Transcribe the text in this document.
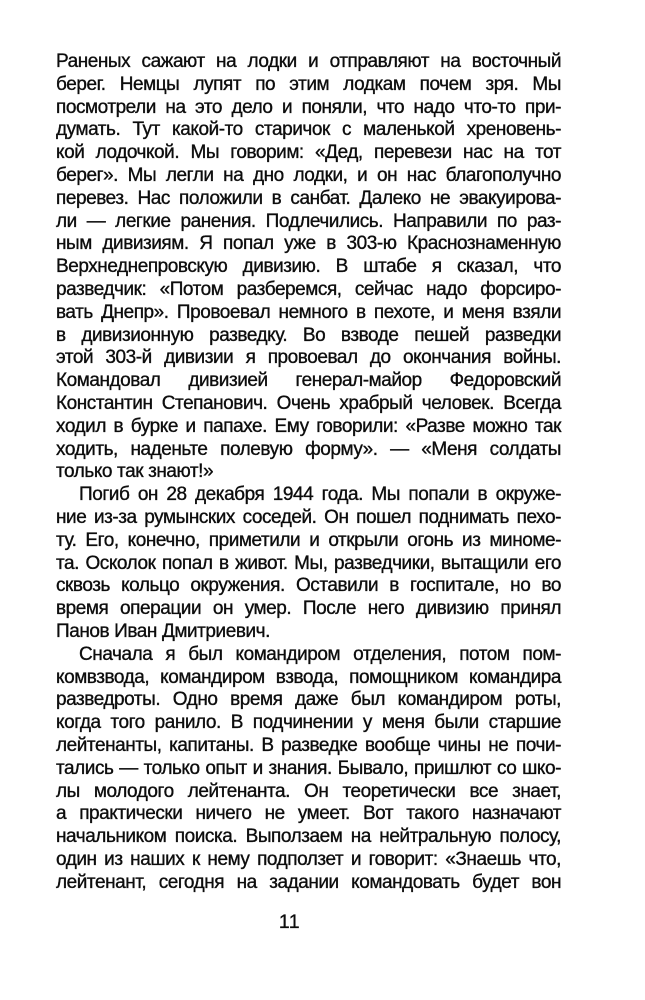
Раненых сажают на лодки и отправляют на восточный
берег. Немцы лупят по этим лодкам почем зря. Мы
посмотрели на это дело и поняли, что надо что-то при-
думать. Тут какой-то старичок с маленькой хреновень-
кой лодочкой. Мы говорим: «Дед, перевези нас на тот
берег». Мы легли на дно лодки, и он нас благополучно
перевез. Нас положили в санбат. Далеко не эвакуирова-
ли — легкие ранения. Подлечились. Направили по раз-
ным дивизиям. Я попал уже в 303-ю Краснознаменную
Верхнеднепровскую дивизию. В штабе я сказал, что
разведчик: «Потом разберемся, сейчас надо форсиро-
вать Днепр». Провоевал немного в пехоте, и меня взяли
в дивизионную разведку. Во взводе пешей разведки
этой 303-й дивизии я провоевал до окончания войны.
Командовал дивизией генерал-майор Федоровский
Константин Степанович. Очень храбрый человек. Всегда
ходил в бурке и папахе. Ему говорили: «Разве можно так
ходить, наденьте полевую форму». — «Меня солдаты
только так знают!»
Погиб он 28 декабря 1944 года. Мы попали в окруже-
ние из-за румынских соседей. Он пошел поднимать пехо-
ту. Его, конечно, приметили и открыли огонь из миноме-
та. Осколок попал в живот. Мы, разведчики, вытащили его
сквозь кольцо окружения. Оставили в госпитале, но во
время операции он умер. После него дивизию принял
Панов Иван Дмитриевич.
Сначала я был командиром отделения, потом пом-
комвзвода, командиром взвода, помощником командира
разведроты. Одно время даже был командиром роты,
когда того ранило. В подчинении у меня были старшие
лейтенанты, капитаны. В разведке вообще чины не почи-
тались — только опыт и знания. Бывало, пришлют со шко-
лы молодого лейтенанта. Он теоретически все знает,
а практически ничего не умеет. Вот такого назначают
начальником поиска. Выползаем на нейтральную полосу,
один из наших к нему подползет и говорит: «Знаешь что,
лейтенант, сегодня на задании командовать будет вон
11
